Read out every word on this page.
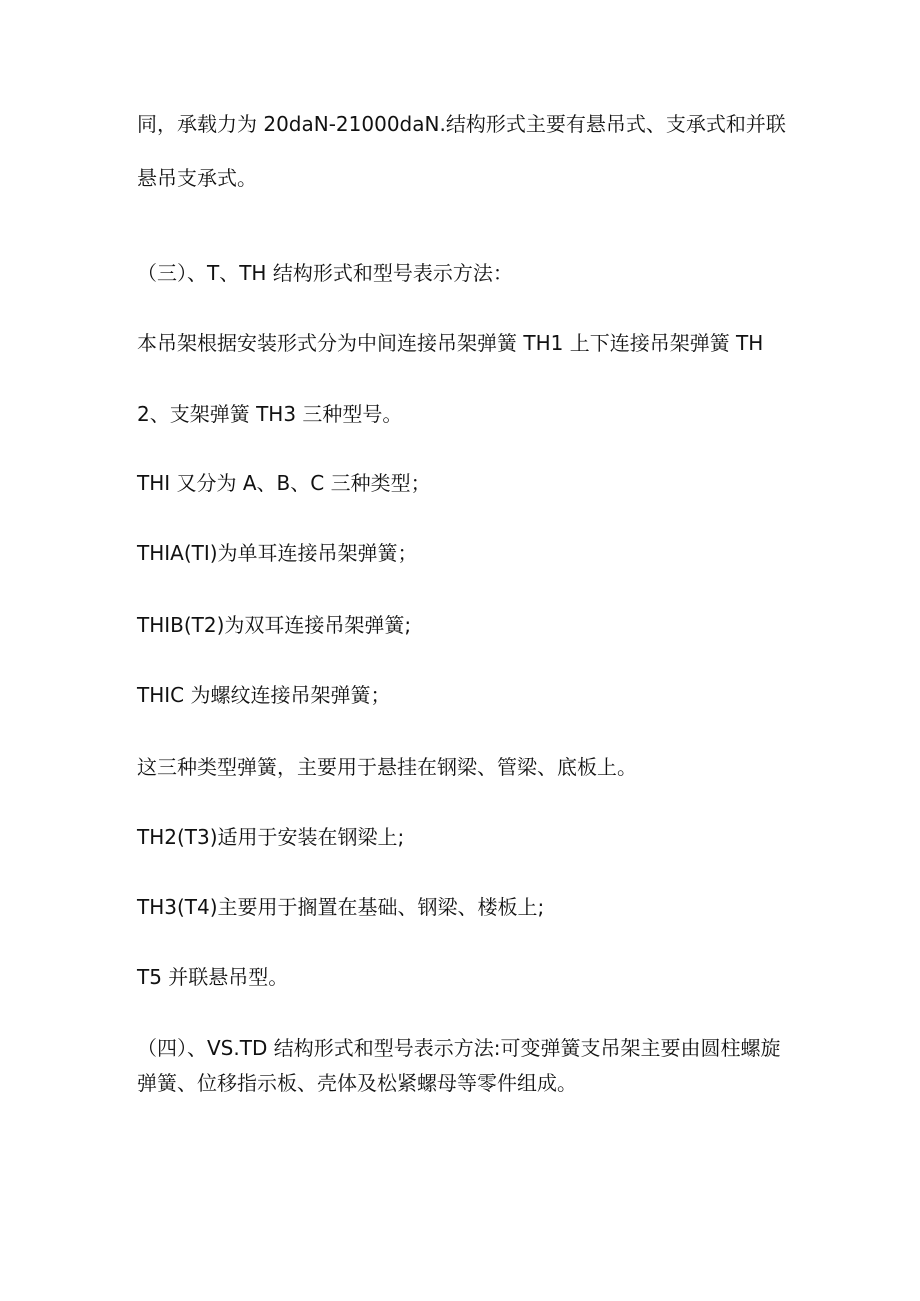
同，承载力为 20daN-21000daN.结构形式主要有悬吊式、支承式和并联
悬吊支承式。
（三）、T、TH 结构形式和型号表示方法：
本吊架根据安装形式分为中间连接吊架弹簧 TH1 上下连接吊架弹簧 TH
2、支架弹簧 TH3 三种型号。
THI 又分为 A、B、C 三种类型；
THIA(TI)为单耳连接吊架弹簧；
THIB(T2)为双耳连接吊架弹簧;
THIC 为螺纹连接吊架弹簧；
这三种类型弹簧，主要用于悬挂在钢梁、管梁、底板上。
TH2(T3)适用于安装在钢梁上;
TH3(T4)主要用于搁置在基础、钢梁、楼板上;
T5 并联悬吊型。
（四）、VS.TD 结构形式和型号表示方法:可变弹簧支吊架主要由圆柱螺旋
弹簧、位移指示板、壳体及松紧螺母等零件组成。
